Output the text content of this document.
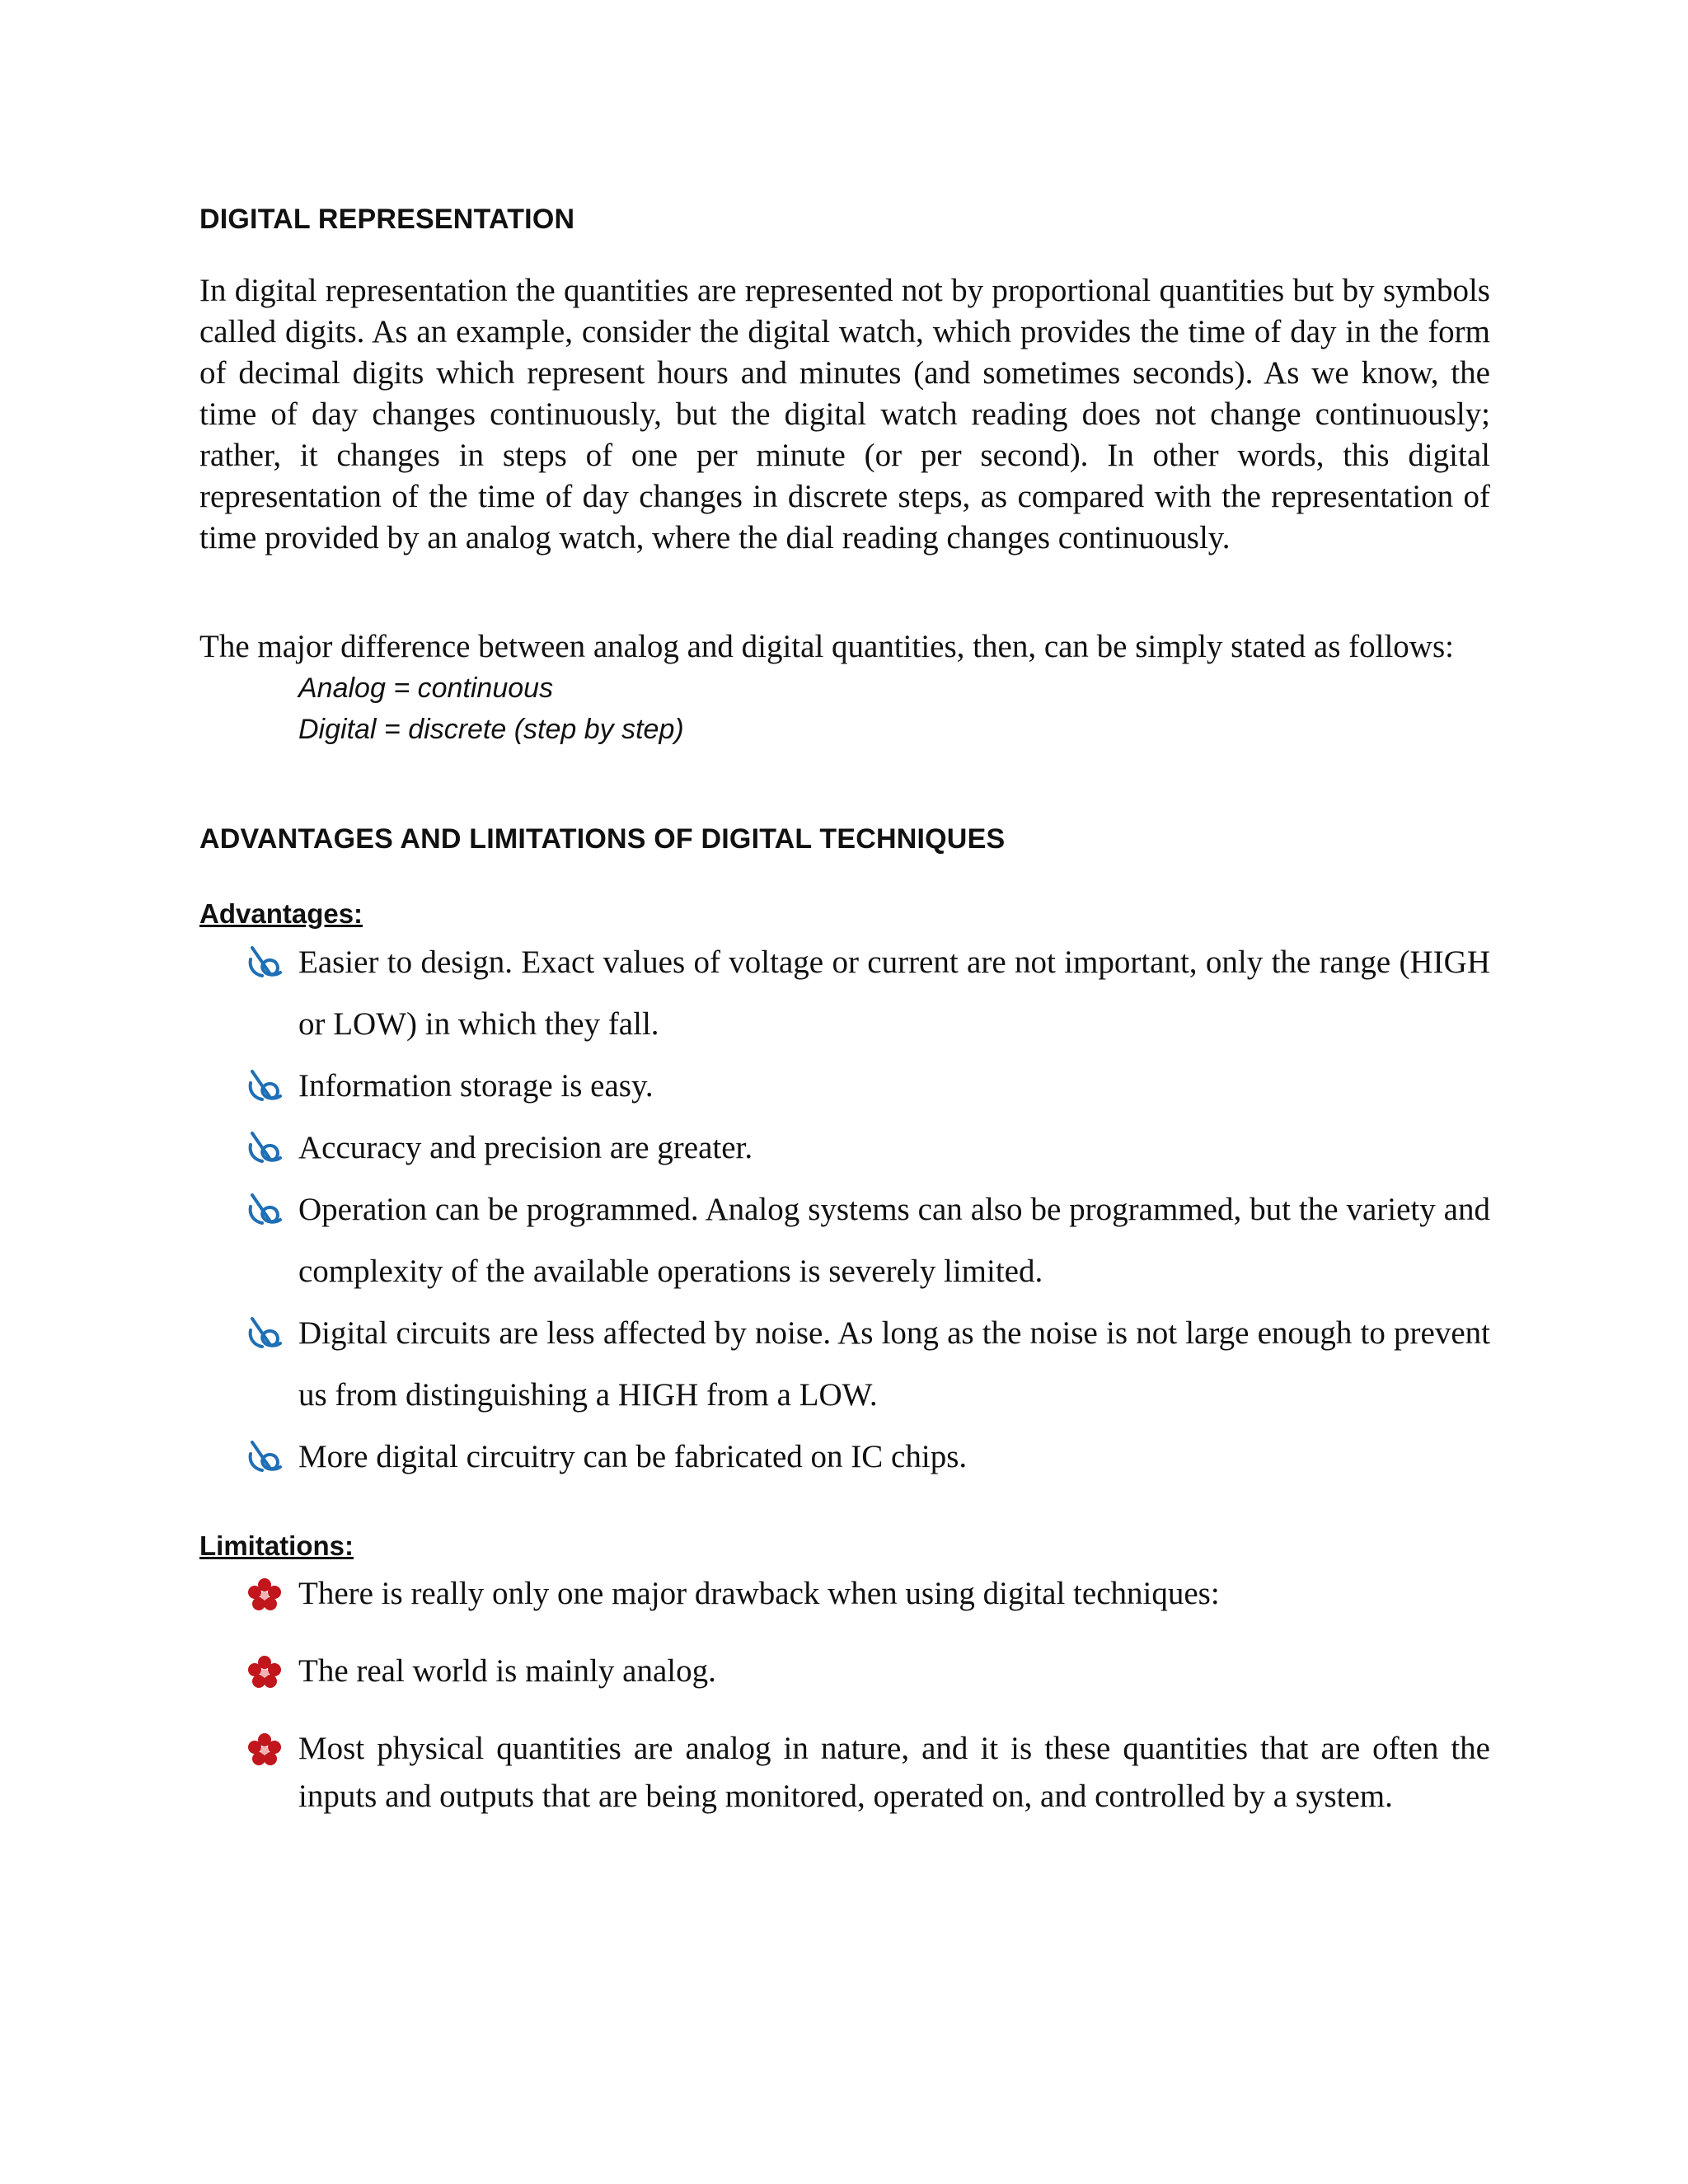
DIGITAL REPRESENTATION

In digital representation the quantities are represented not by proportional quantities but by symbols called digits. As an example, consider the digital watch, which provides the time of day in the form of decimal digits which represent hours and minutes (and sometimes seconds). As we know, the time of day changes continuously, but the digital watch reading does not change continuously; rather, it changes in steps of one per minute (or per second). In other words, this digital representation of the time of day changes in discrete steps, as compared with the representation of time provided by an analog watch, where the dial reading changes continuously.

The major difference between analog and digital quantities, then, can be simply stated as follows:

Analog = continuous
Digital = discrete (step by step)
ADVANTAGES AND LIMITATIONS OF DIGITAL TECHNIQUES
Advantages:
Easier to design. Exact values of voltage or current are not important, only the range (HIGH or LOW) in which they fall.
Information storage is easy.
Accuracy and precision are greater.
Operation can be programmed. Analog systems can also be programmed, but the variety and complexity of the available operations is severely limited.
Digital circuits are less affected by noise. As long as the noise is not large enough to prevent us from distinguishing a HIGH from a LOW.
More digital circuitry can be fabricated on IC chips.
Limitations:
There is really only one major drawback when using digital techniques:
The real world is mainly analog.
Most physical quantities are analog in nature, and it is these quantities that are often the inputs and outputs that are being monitored, operated on, and controlled by a system.
